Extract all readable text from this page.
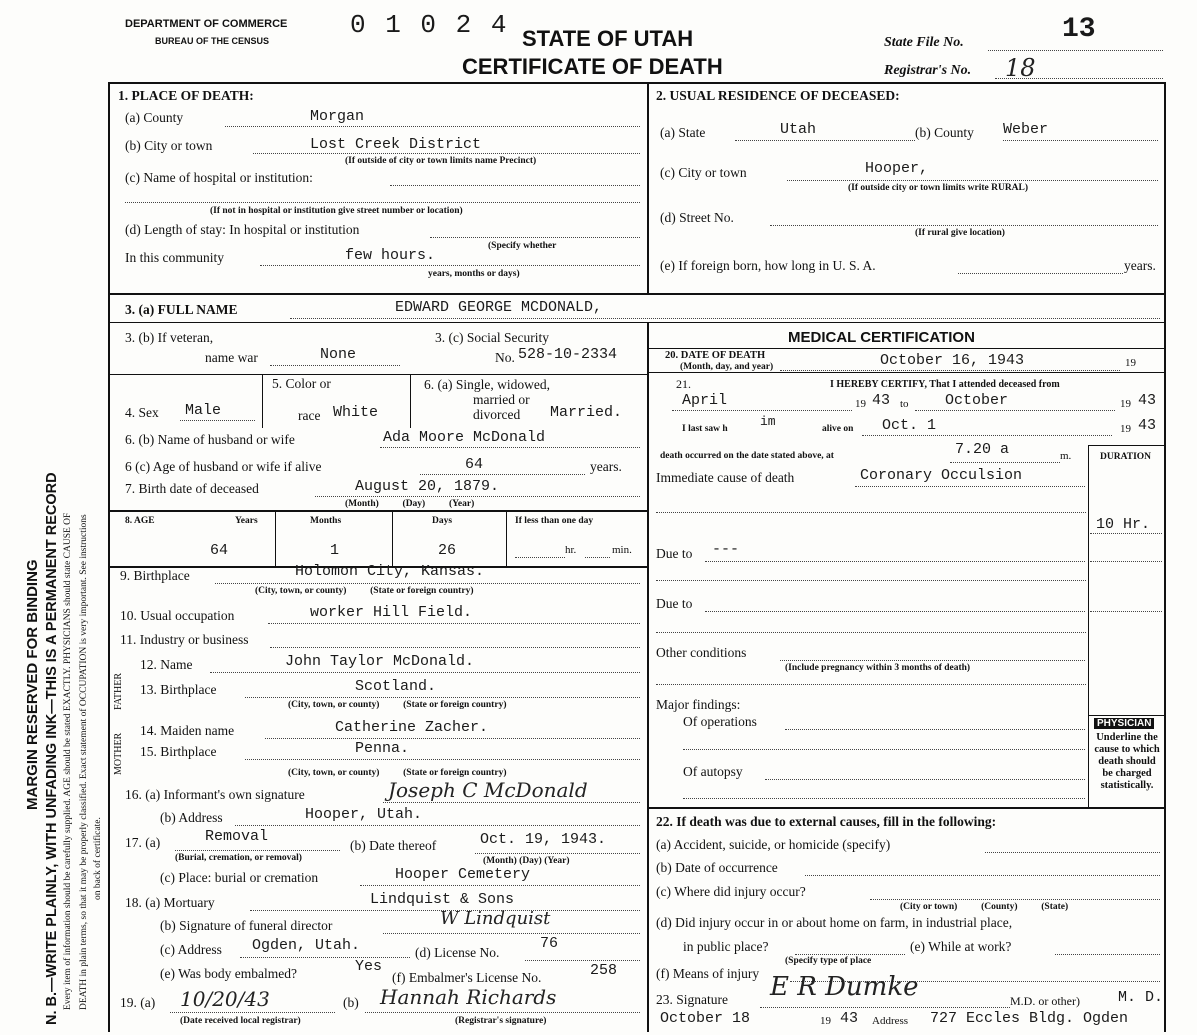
MARGIN RESERVED FOR BINDING N. B.—WRITE PLAINLY, WITH UNFADING INK—THIS IS A PERMANENT RECORD Every item of information should be carefully supplied. AGE should be stated EXACTLY. PHYSICIANS should state CAUSE OF DEATH in plain terms, so that it may be properly classified. Exact statement of OCCUPATION is very important. See instructions on back of certificate.
DEPARTMENT OF COMMERCE
BUREAU OF THE CENSUS
0 1 0 2 4 STATE OF UTAH
CERTIFICATE OF DEATH
State File No.	13
Registrar's No. 18
1. PLACE OF DEATH:
(a) County	Morgan
(b) City or town	Lost Creek District
(If outside of city or town limits name Precinct)
(c) Name of hospital or institution:
(If not in hospital or institution give street number or location)
(d) Length of stay: In hospital or institution
In this community	few hours.
(Specify whether
years, months or days)
2. USUAL RESIDENCE OF DECEASED:
(a) State	Utah	(b) County Weber
(c) City or town	Hooper,
(If outside city or town limits write RURAL)
(d) Street No.
(If rural give location)
(e) If foreign born, how long in U. S. A.	years.
3. (a) FULL NAME	EDWARD GEORGE MCDONALD,
3. (b) If veteran,
name war	None
3. (c) Social Security
No. 528-10-2334
4. Sex Male
5. Color or
race White
6. (a) Single, widowed,
married or
divorced Married.
6. (b) Name of husband or wife	Ada Moore McDonald
6 (c) Age of husband or wife if alive	64	years.
7. Birth date of deceased	August 20, 1879.
(Month)          (Day)          (Year)
8. AGE	Years	Months	Days	If less than one day
64	1	26	hr.	min.
9. Birthplace	Holomon City, Kansas.
(City, town, or county)          (State or foreign country)
10. Usual occupation	worker Hill Field.
11. Industry or business
FATHER
MOTHER
12. Name	John Taylor McDonald.
13. Birthplace	Scotland.
(City, town, or county)          (State or foreign country)
14. Maiden name	Catherine Zacher.
15. Birthplace	Penna.
(City, town, or county)          (State or foreign country)
16. (a) Informant's own signature	Joseph C McDonald
(b) Address	Hooper, Utah.
17. (a)	Removal
(Burial, cremation, or removal)
(b) Date thereof	Oct. 19, 1943.
(Month) (Day) (Year)
(c) Place: burial or cremation	Hooper Cemetery
18. (a) Mortuary	Lindquist & Sons
(b) Signature of funeral director	W Lindquist
(c) Address Ogden, Utah.	(d) License No.
76
(e) Was body embalmed?	Yes
(f) Embalmer's License No.	258
19. (a) 10/20/43
(Date received local registrar)
(b) Hannah Richards
(Registrar's signature)
MEDICAL CERTIFICATION
20. DATE OF DEATH
(Month, day, and year)	October 16, 1943	19
21.	I HEREBY CERTIFY, That I attended deceased from
April	19 43 to October	19 43
I last saw h im	alive on Oct. 1	19 43
death occurred on the date stated above, at	7.20 a	m.	DURATION
Immediate cause of death	Coronary Occulsion
10 Hr.
Due to ---
Due to
Other conditions
(Include pregnancy within 3 months of death)
Major findings:
Of operations
Of autopsy
PHYSICIAN
Underline the cause to which death should be charged statistically.
22. If death was due to external causes, fill in the following:
(a) Accident, suicide, or homicide (specify)
(b) Date of occurrence
(c) Where did injury occur?
(City or town)          (County)          (State)
(d) Did injury occur in or about home on farm, in industrial place,
in public place?	(e) While at work?
(Specify type of place
(f) Means of injury
23. Signature E R Dumke	M.D. or other)	M. D.
October 18	19 43 Address 727 Eccles Bldg. Ogden
